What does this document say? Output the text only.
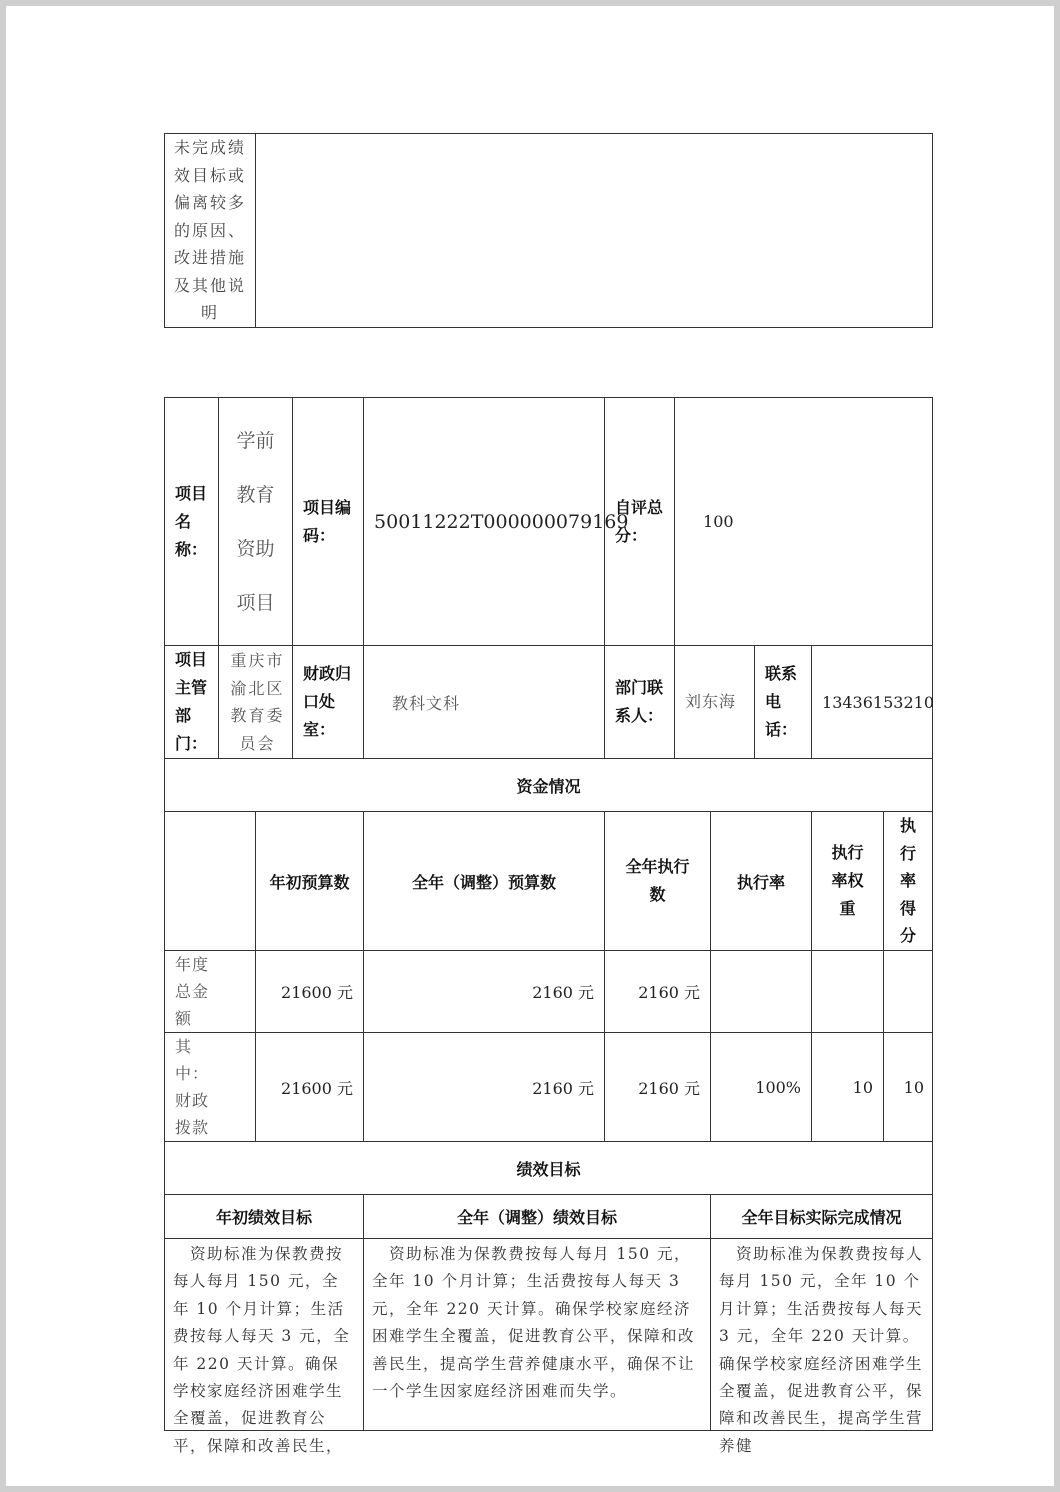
未完成绩效目标或偏离较多的原因、改进措施及其他说明	
项目名称：	学前教育资助项目		项目编码：	50011222T000000079169	自评总分：	100				
项目主管部门：	重庆市渝北区教育委员会		财政归口处室：	教科文科	部门联系人：	刘东海		联系电话：	13436153210	
资金情况										
		年初预算数		全年（调整）预算数	全年执行数		执行率		执行率权重	执行率得分
年度总金额		21600 元		2160 元	2160 元					
其中：财政拨款		21600 元		2160 元	2160 元		100%		10	10
绩效目标										
年初绩效目标				全年（调整）绩效目标			全年目标实际完成情况			

资助标准为保教费按每人每月 150 元，全年 10 个月计算；生活费按每人每天 3 元，全年 220 天计算。确保学校家庭经济困难学生全覆盖，促进教育公平，保障和改善民生，				资助标准为保教费按每人每月 150 元，全年 10 个月计算；生活费按每人每天 3 元，全年 220 天计算。确保学校家庭经济困难学生全覆盖，促进教育公平，保障和改善民生，提高学生营养健康水平，确保不让一个学生因家庭经济困难而失学。			资助标准为保教费按每人每月 150 元，全年 10 个月计算；生活费按每人每天 3 元，全年 220 天计算。确保学校家庭经济困难学生全覆盖，促进教育公平，保障和改善民生，提高学生营养健			
